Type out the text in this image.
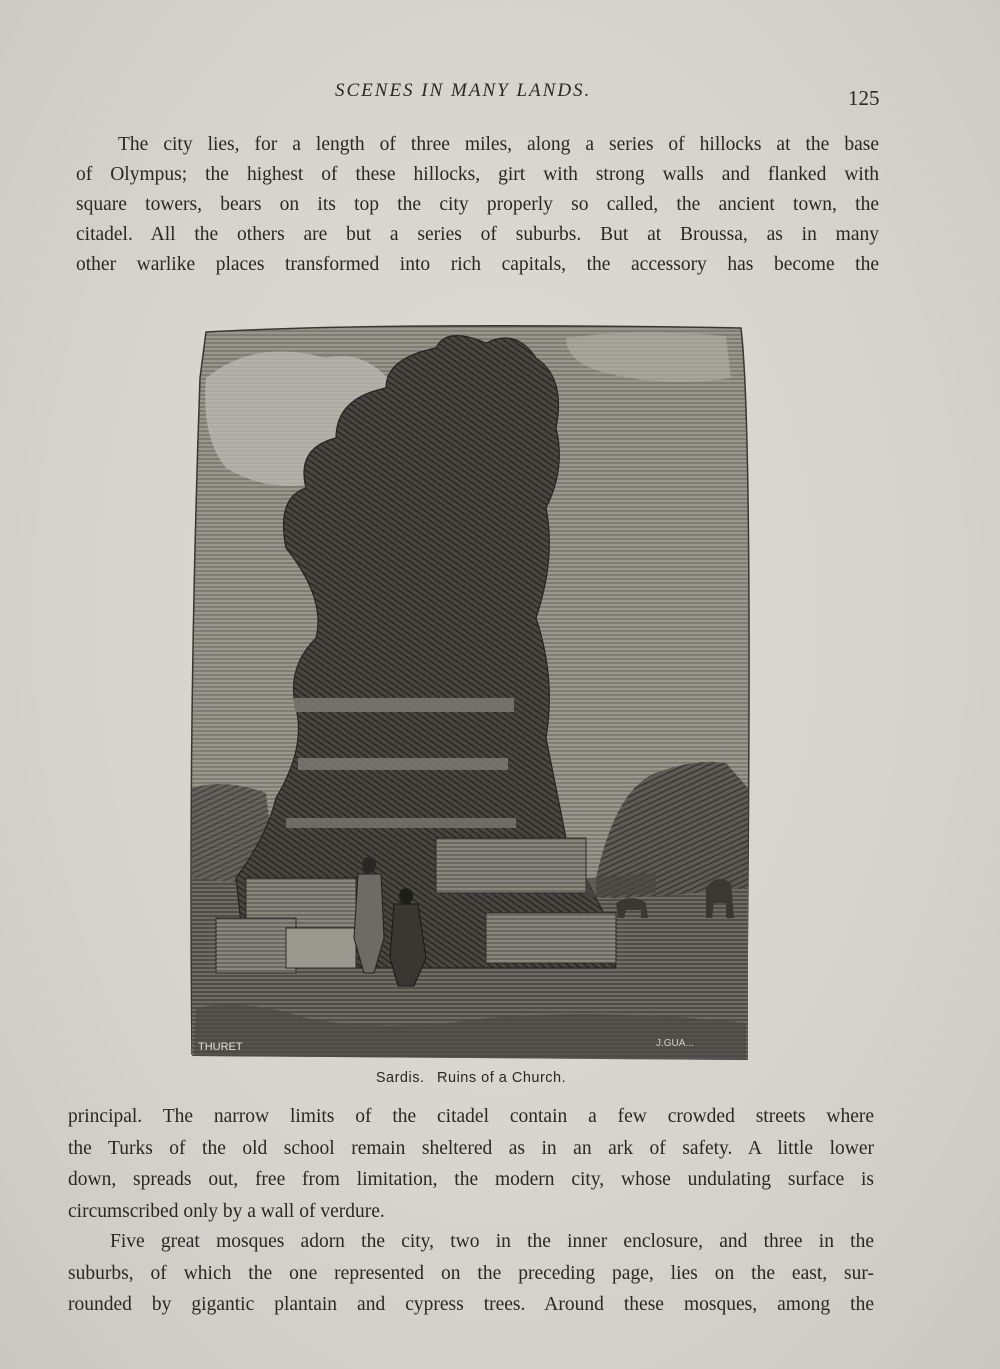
SCENES IN MANY LANDS.	125
The city lies, for a length of three miles, along a series of hillocks at the base
of Olympus; the highest of these hillocks, girt with strong walls and flanked with
square towers, bears on its top the city properly so called, the ancient town, the
citadel. All the others are but a series of suburbs. But at Broussa, as in many
other warlike places transformed into rich capitals, the accessory has become the
THURET	J.GUA...
Sardis. Ruins of a Church.
principal. The narrow limits of the citadel contain a few crowded streets where
the Turks of the old school remain sheltered as in an ark of safety. A little lower
down, spreads out, free from limitation, the modern city, whose undulating surface is
circumscribed only by a wall of verdure.
Five great mosques adorn the city, two in the inner enclosure, and three in the
suburbs, of which the one represented on the preceding page, lies on the east, sur-
rounded by gigantic plantain and cypress trees. Around these mosques, among the
